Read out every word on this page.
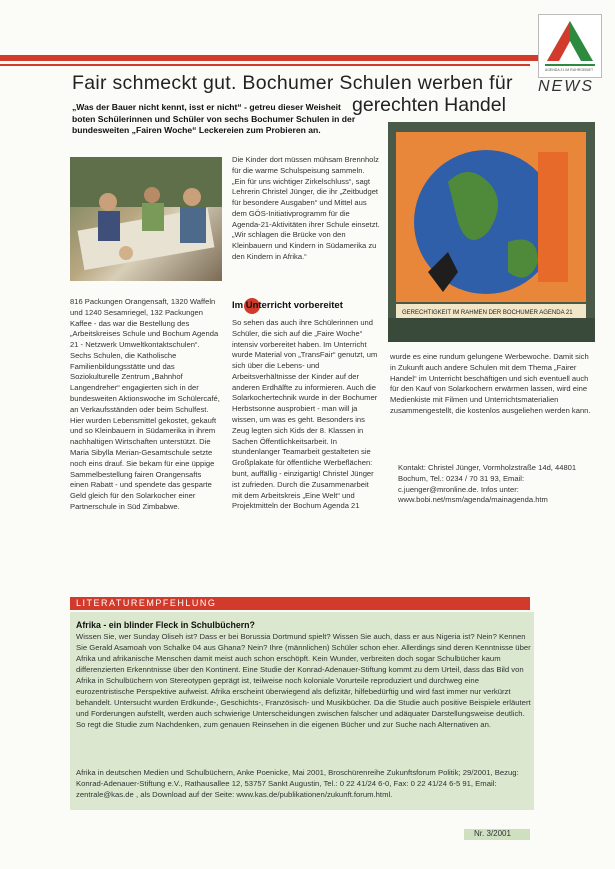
AGENDA 21 IM RUHRGEBIET
NEWS
Fair schmeckt gut. Bochumer Schulen werben für
gerechten Handel
„Was der Bauer nicht kennt, isst er nicht“ - getreu dieser Weisheit boten Schülerinnen und Schüler von sechs Bochumer Schulen in der bundesweiten „Fairen Woche“ Leckereien zum Probieren an.
GERECHTIGKEIT IM RAHMEN DER BOCHUMER AGENDA 21
816 Packungen Orangensaft, 1320 Waffeln und 1240 Sesamriegel, 132 Packungen Kaffee - das war die Bestellung des „Arbeitskreises Schule und Bochum Agenda 21 - Netzwerk Umweltkontaktschulen“. Sechs Schulen, die Katholische Familienbildungsstätte und das Soziokulturelle Zentrum „Bahnhof Langendreher“ engagierten sich in der bundesweiten Aktionswoche im Schülercafé, an Verkaufsständen oder beim Schulfest. Hier wurden Lebensmittel gekostet, gekauft und so Kleinbauern in Südamerika in ihrem nachhaltigen Wirtschaften unterstützt. Die Maria Sibylla Merian-Gesamtschule setzte noch eins drauf. Sie bekam für eine üppige Sammelbestellung fairen Orangensafts einen Rabatt - und spendete das gesparte Geld gleich für den Solarkocher einer Partnerschule in Süd Zimbabwe.
Die Kinder dort müssen mühsam Brennholz für die warme Schulspeisung sammeln. „Ein für uns wichtiger Zirkelschluss“, sagt Lehrerin Christel Jünger, die ihr „Zeitbudget für besondere Ausgaben“ und Mittel aus dem GÖS-Initiativprogramm für die Agenda-21-Aktivitäten ihrer Schule einsetzt. „Wir schlagen die Brücke von den Kleinbauern und Kindern in Südamerika zu den Kindern in Afrika.“
Im Unterricht vorbereitet
So sehen das auch ihre Schülerinnen und Schüler, die sich auf die „Faire Woche“ intensiv vorbereitet haben. Im Unterricht wurde Material von „TransFair“ genutzt, um sich über die Lebens- und Arbeitsverhältnisse der Kinder auf der anderen Erdhälfte zu informieren. Auch die Solarkochertechnik wurde in der Bochumer Herbstsonne ausprobiert - man will ja wissen, um was es geht. Besonders ins Zeug legten sich Kids der 8. Klassen in Sachen Öffentlichkeitsarbeit. In stundenlanger Teamarbeit gestalteten sie Großplakate für öffentliche Werbeflächen: bunt, auffällig - einzigartig! Christel Jünger ist zufrieden. Durch die Zusammenarbeit mit dem Arbeitskreis „Eine Welt“ und Projektmitteln der Bochum Agenda 21
wurde es eine rundum gelungene Werbewoche. Damit sich in Zukunft auch andere Schulen mit dem Thema „Fairer Handel“ im Unterricht beschäftigen und sich eventuell auch für den Kauf von Solarkochern erwärmen lassen, wird eine Medienkiste mit Filmen und Unterrichtsmaterialien zusammengestellt, die kostenlos ausgeliehen werden kann.
Kontakt: Christel Jünger, Vormholzstraße 14d, 44801 Bochum, Tel.: 0234 / 70 31 93, Email: c.juenger@mronline.de. Infos unter: www.bobi.net/msm/agenda/mainagenda.htm
LITERATUREMPFEHLUNG
Afrika - ein blinder Fleck in Schulbüchern?
Wissen Sie, wer Sunday Oliseh ist? Dass er bei Borussia Dortmund spielt? Wissen Sie auch, dass er aus Nigeria ist? Nein? Kennen Sie Gerald Asamoah von Schalke 04 aus Ghana? Nein? Ihre (männlichen) Schüler schon eher. Allerdings sind deren Kenntnisse über Afrika und afrikanische Menschen damit meist auch schon erschöpft. Kein Wunder, verbreiten doch sogar Schulbücher kaum differenzierten Erkenntnisse über den Kontinent. Eine Studie der Konrad-Adenauer-Stiftung kommt zu dem Urteil, dass das Bild von Afrika in Schulbüchern von Stereotypen geprägt ist, teilweise noch koloniale Vorurteile reproduziert und durchweg eine eurozentristische Perspektive aufweist. Afrika erscheint überwiegend als defizitär, hilfebedürftig und wird fast immer nur verkürzt behandelt. Untersucht wurden Erdkunde-, Geschichts-, Französisch- und Musikbücher. Da die Studie auch positive Beispiele erläutert und Forderungen aufstellt, werden auch schwierige Unterscheidungen zwischen falscher und adäquater Darstellungsweise deutlich. So regt die Studie zum Nachdenken, zum genauen Reinsehen in die eigenen Bücher und zur Suche nach Alternativen an.
Afrika in deutschen Medien und Schulbüchern, Anke Poenicke, Mai 2001, Broschürenreihe Zukunftsforum Politik; 29/2001, Bezug: Konrad-Adenauer-Stiftung e.V., Rathausallee 12, 53757 Sankt Augustin, Tel.: 0 22 41/24 6-0, Fax: 0 22 41/24 6-5 91, Email: zentrale@kas.de , als Download auf der Seite: www.kas.de/publikationen/zukunft.forum.html.
Nr. 3/2001
